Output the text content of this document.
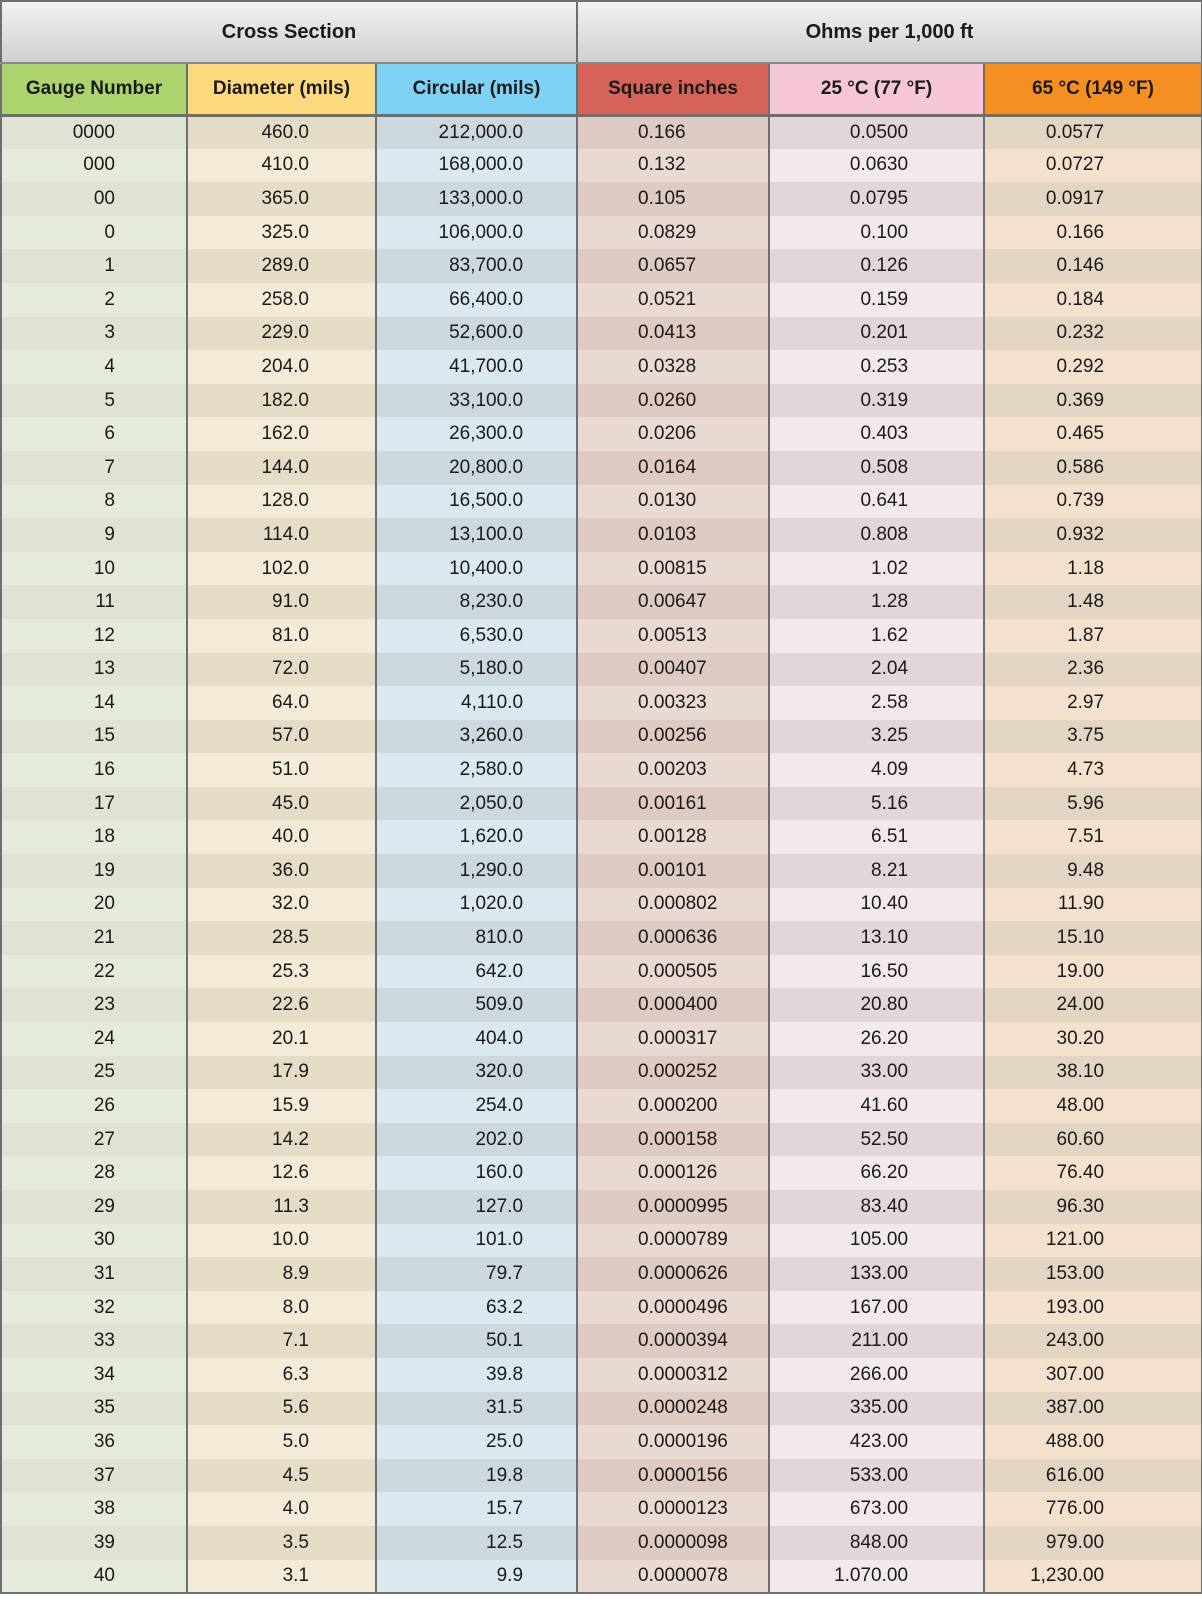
Cross Section			Ohms per 1,000 ft		
Gauge Number	Diameter (mils)	Circular (mils)	Square inches	25 °C (77 °F)	65 °C (149 °F)
0000	460.0	212,000.0	0.166	0.0500	0.0577
000	410.0	168,000.0	0.132	0.0630	0.0727
00	365.0	133,000.0	0.105	0.0795	0.0917
0	325.0	106,000.0	0.0829	0.100	0.166
1	289.0	83,700.0	0.0657	0.126	0.146
2	258.0	66,400.0	0.0521	0.159	0.184
3	229.0	52,600.0	0.0413	0.201	0.232
4	204.0	41,700.0	0.0328	0.253	0.292
5	182.0	33,100.0	0.0260	0.319	0.369
6	162.0	26,300.0	0.0206	0.403	0.465
7	144.0	20,800.0	0.0164	0.508	0.586
8	128.0	16,500.0	0.0130	0.641	0.739
9	114.0	13,100.0	0.0103	0.808	0.932
10	102.0	10,400.0	0.00815	1.02	1.18
11	91.0	8,230.0	0.00647	1.28	1.48
12	81.0	6,530.0	0.00513	1.62	1.87
13	72.0	5,180.0	0.00407	2.04	2.36
14	64.0	4,110.0	0.00323	2.58	2.97
15	57.0	3,260.0	0.00256	3.25	3.75
16	51.0	2,580.0	0.00203	4.09	4.73
17	45.0	2,050.0	0.00161	5.16	5.96
18	40.0	1,620.0	0.00128	6.51	7.51
19	36.0	1,290.0	0.00101	8.21	9.48
20	32.0	1,020.0	0.000802	10.40	11.90
21	28.5	810.0	0.000636	13.10	15.10
22	25.3	642.0	0.000505	16.50	19.00
23	22.6	509.0	0.000400	20.80	24.00
24	20.1	404.0	0.000317	26.20	30.20
25	17.9	320.0	0.000252	33.00	38.10
26	15.9	254.0	0.000200	41.60	48.00
27	14.2	202.0	0.000158	52.50	60.60
28	12.6	160.0	0.000126	66.20	76.40
29	11.3	127.0	0.0000995	83.40	96.30
30	10.0	101.0	0.0000789	105.00	121.00
31	8.9	79.7	0.0000626	133.00	153.00
32	8.0	63.2	0.0000496	167.00	193.00
33	7.1	50.1	0.0000394	211.00	243.00
34	6.3	39.8	0.0000312	266.00	307.00
35	5.6	31.5	0.0000248	335.00	387.00
36	5.0	25.0	0.0000196	423.00	488.00
37	4.5	19.8	0.0000156	533.00	616.00
38	4.0	15.7	0.0000123	673.00	776.00
39	3.5	12.5	0.0000098	848.00	979.00
40	3.1	9.9	0.0000078	1.070.00	1,230.00
